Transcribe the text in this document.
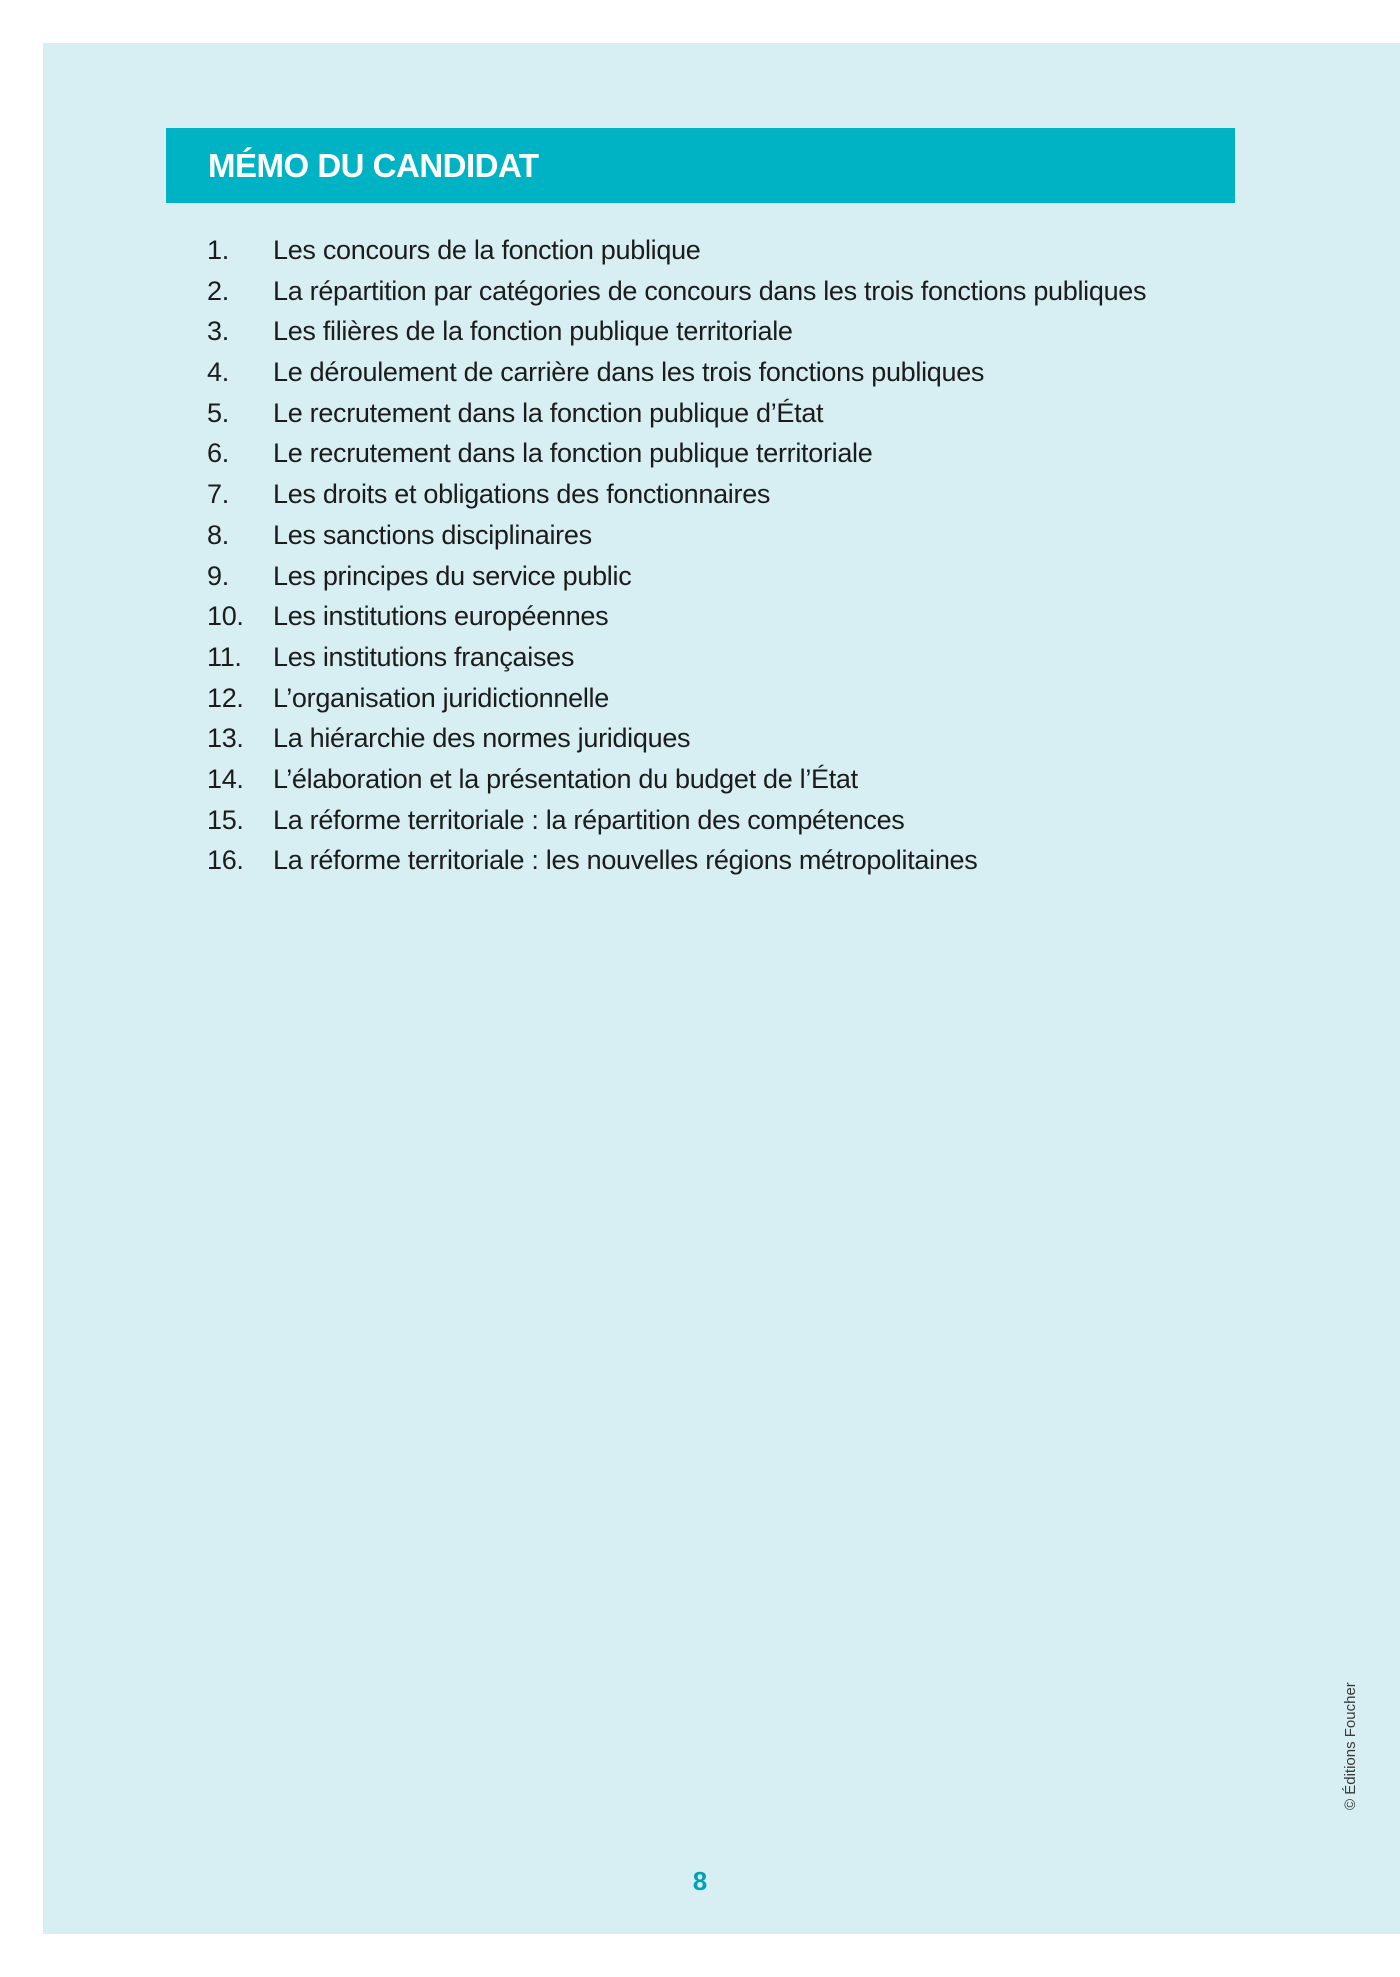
MÉMO DU CANDIDAT
1.	Les concours de la fonction publique
2.	La répartition par catégories de concours dans les trois fonctions publiques
3.	Les filières de la fonction publique territoriale
4.	Le déroulement de carrière dans les trois fonctions publiques
5.	Le recrutement dans la fonction publique d’État
6.	Le recrutement dans la fonction publique territoriale
7.	Les droits et obligations des fonctionnaires
8.	Les sanctions disciplinaires
9.	Les principes du service public
10.	Les institutions européennes
11.	Les institutions françaises
12.	L’organisation juridictionnelle
13.	La hiérarchie des normes juridiques
14.	L’élaboration et la présentation du budget de l’État
15.	La réforme territoriale : la répartition des compétences
16.	La réforme territoriale : les nouvelles régions métropolitaines
© Éditions Foucher
8
